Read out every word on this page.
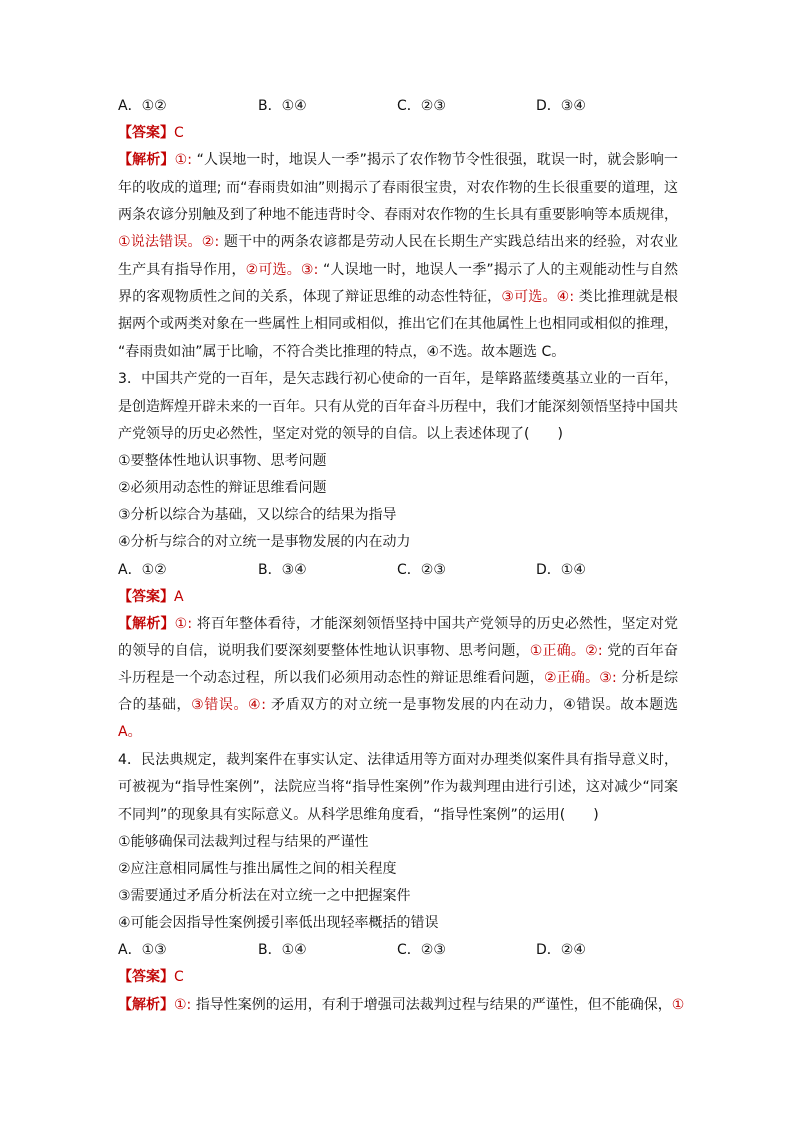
A．①②	B．①④	C．②③	D．③④
【答案】C
【解析】①: “人误地一时，地误人一季”揭示了农作物节令性很强，耽误一时，就会影响一
年的收成的道理; 而“春雨贵如油”则揭示了春雨很宝贵，对农作物的生长很重要的道理，这
两条农谚分别触及到了种地不能违背时令、春雨对农作物的生长具有重要影响等本质规律，
①说法错误。②: 题干中的两条农谚都是劳动人民在长期生产实践总结出来的经验，对农业
生产具有指导作用，②可选。③: “人误地一时，地误人一季”揭示了人的主观能动性与自然
界的客观物质性之间的关系，体现了辩证思维的动态性特征，③可选。④: 类比推理就是根
据两个或两类对象在一些属性上相同或相似，推出它们在其他属性上也相同或相似的推理，
“春雨贵如油”属于比喻，不符合类比推理的特点，④不选。故本题选 C。
3．中国共产党的一百年，是矢志践行初心使命的一百年，是筚路蓝缕奠基立业的一百年，
是创造辉煌开辟未来的一百年。只有从党的百年奋斗历程中，我们才能深刻领悟坚持中国共
产党领导的历史必然性，坚定对党的领导的自信。以上表述体现了(　　)
①要整体性地认识事物、思考问题
②必须用动态性的辩证思维看问题
③分析以综合为基础，又以综合的结果为指导
④分析与综合的对立统一是事物发展的内在动力
A．①②	B．③④	C．②③	D．①④
【答案】A
【解析】①: 将百年整体看待，才能深刻领悟坚持中国共产党领导的历史必然性，坚定对党
的领导的自信，说明我们要深刻要整体性地认识事物、思考问题，①正确。②: 党的百年奋
斗历程是一个动态过程，所以我们必须用动态性的辩证思维看问题，②正确。③: 分析是综
合的基础，③错误。④: 矛盾双方的对立统一是事物发展的内在动力，④错误。故本题选
A。
4．民法典规定，裁判案件在事实认定、法律适用等方面对办理类似案件具有指导意义时，
可被视为“指导性案例”，法院应当将“指导性案例”作为裁判理由进行引述，这对减少“同案
不同判”的现象具有实际意义。从科学思维角度看，“指导性案例”的运用(　　)
①能够确保司法裁判过程与结果的严谨性
②应注意相同属性与推出属性之间的相关程度
③需要通过矛盾分析法在对立统一之中把握案件
④可能会因指导性案例援引率低出现轻率概括的错误
A．①③	B．①④	C．②③	D．②④
【答案】C
【解析】①: 指导性案例的运用，有利于增强司法裁判过程与结果的严谨性，但不能确保，①
